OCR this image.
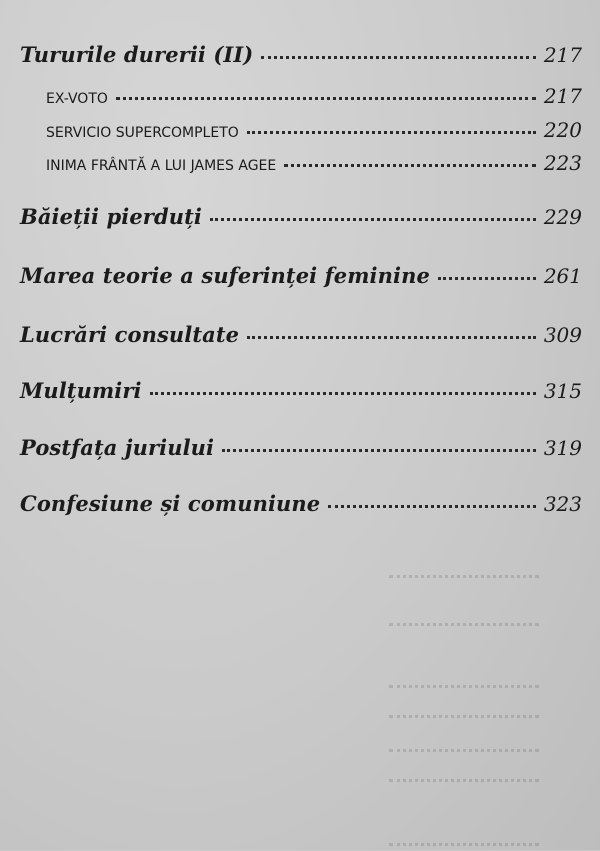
Tururile durerii (II)	217
EX-VOTO	217
SERVICIO SUPERCOMPLETO	220
INIMA FRÂNTĂ A LUI JAMES AGEE	223
Băieții pierduți	229
Marea teorie a suferinței feminine	261
Lucrări consultate	309
Mulțumiri	315
Postfața juriului	319
Confesiune și comuniune	323
